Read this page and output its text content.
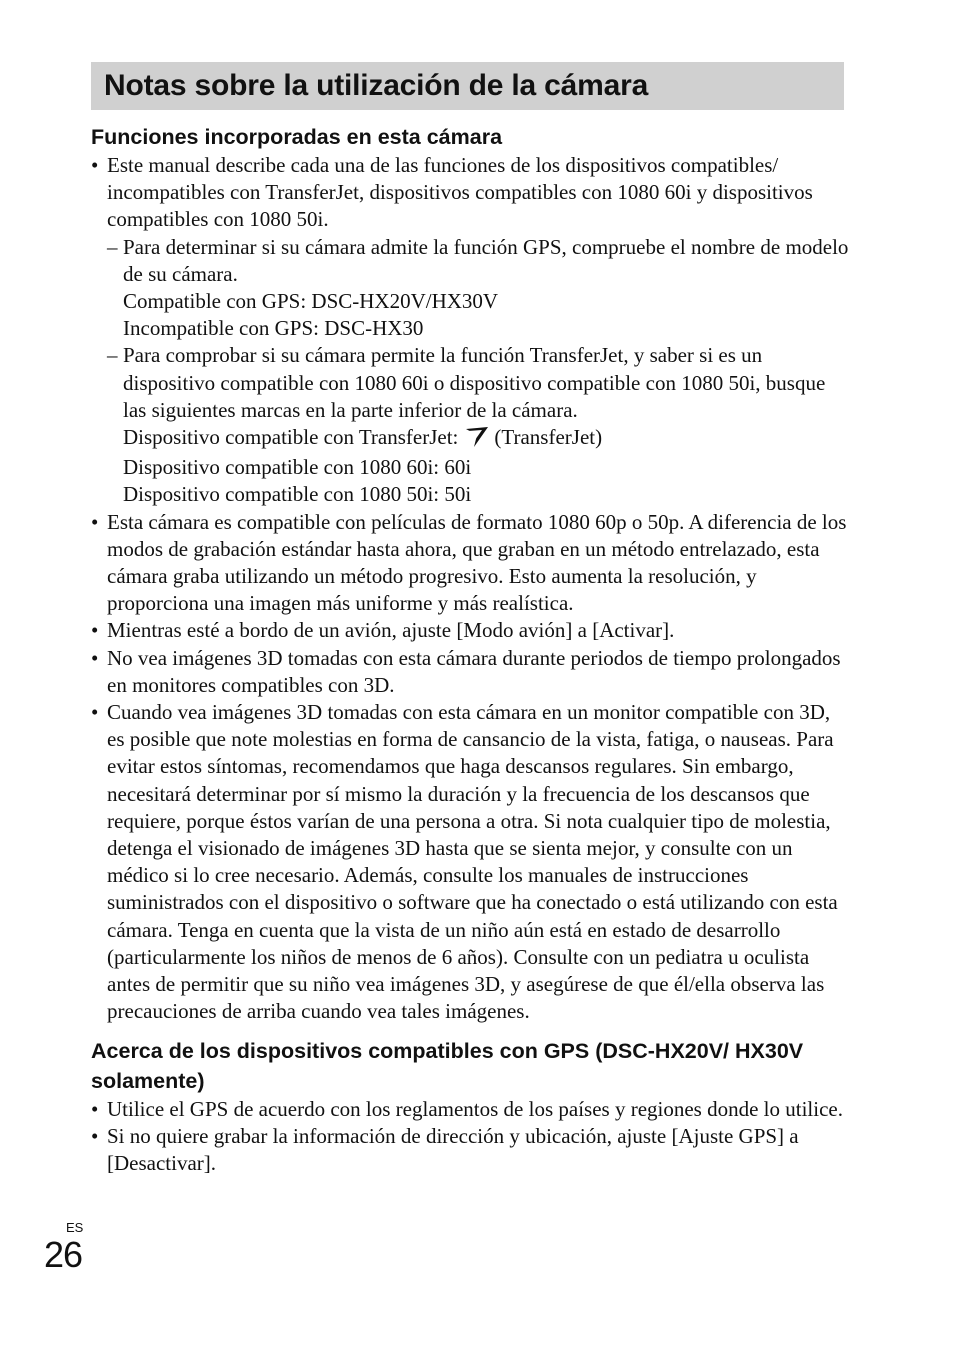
Notas sobre la utilización de la cámara
Funciones incorporadas en esta cámara
• Este manual describe cada una de las funciones de los dispositivos compatibles/ incompatibles con TransferJet, dispositivos compatibles con 1080 60i y dispositivos compatibles con 1080 50i.
– Para determinar si su cámara admite la función GPS, compruebe el nombre de modelo de su cámara.
Compatible con GPS: DSC-HX20V/HX30V
Incompatible con GPS: DSC-HX30
– Para comprobar si su cámara permite la función TransferJet, y saber si es un dispositivo compatible con 1080 60i o dispositivo compatible con 1080 50i, busque las siguientes marcas en la parte inferior de la cámara.
Dispositivo compatible con TransferJet: (TransferJet)
Dispositivo compatible con 1080 60i: 60i
Dispositivo compatible con 1080 50i: 50i
• Esta cámara es compatible con películas de formato 1080 60p o 50p. A diferencia de los modos de grabación estándar hasta ahora, que graban en un método entrelazado, esta cámara graba utilizando un método progresivo. Esto aumenta la resolución, y proporciona una imagen más uniforme y más realística.
• Mientras esté a bordo de un avión, ajuste [Modo avión] a [Activar].
• No vea imágenes 3D tomadas con esta cámara durante periodos de tiempo prolongados en monitores compatibles con 3D.
• Cuando vea imágenes 3D tomadas con esta cámara en un monitor compatible con 3D, es posible que note molestias en forma de cansancio de la vista, fatiga, o nauseas. Para evitar estos síntomas, recomendamos que haga descansos regulares. Sin embargo, necesitará determinar por sí mismo la duración y la frecuencia de los descansos que requiere, porque éstos varían de una persona a otra. Si nota cualquier tipo de molestia, detenga el visionado de imágenes 3D hasta que se sienta mejor, y consulte con un médico si lo cree necesario. Además, consulte los manuales de instrucciones suministrados con el dispositivo o software que ha conectado o está utilizando con esta cámara. Tenga en cuenta que la vista de un niño aún está en estado de desarrollo (particularmente los niños de menos de 6 años). Consulte con un pediatra u oculista antes de permitir que su niño vea imágenes 3D, y asegúrese de que él/ella observa las precauciones de arriba cuando vea tales imágenes.
Acerca de los dispositivos compatibles con GPS (DSC-HX20V/ HX30V solamente)
• Utilice el GPS de acuerdo con los reglamentos de los países y regiones donde lo utilice.
• Si no quiere grabar la información de dirección y ubicación, ajuste [Ajuste GPS] a [Desactivar].
ES
26
